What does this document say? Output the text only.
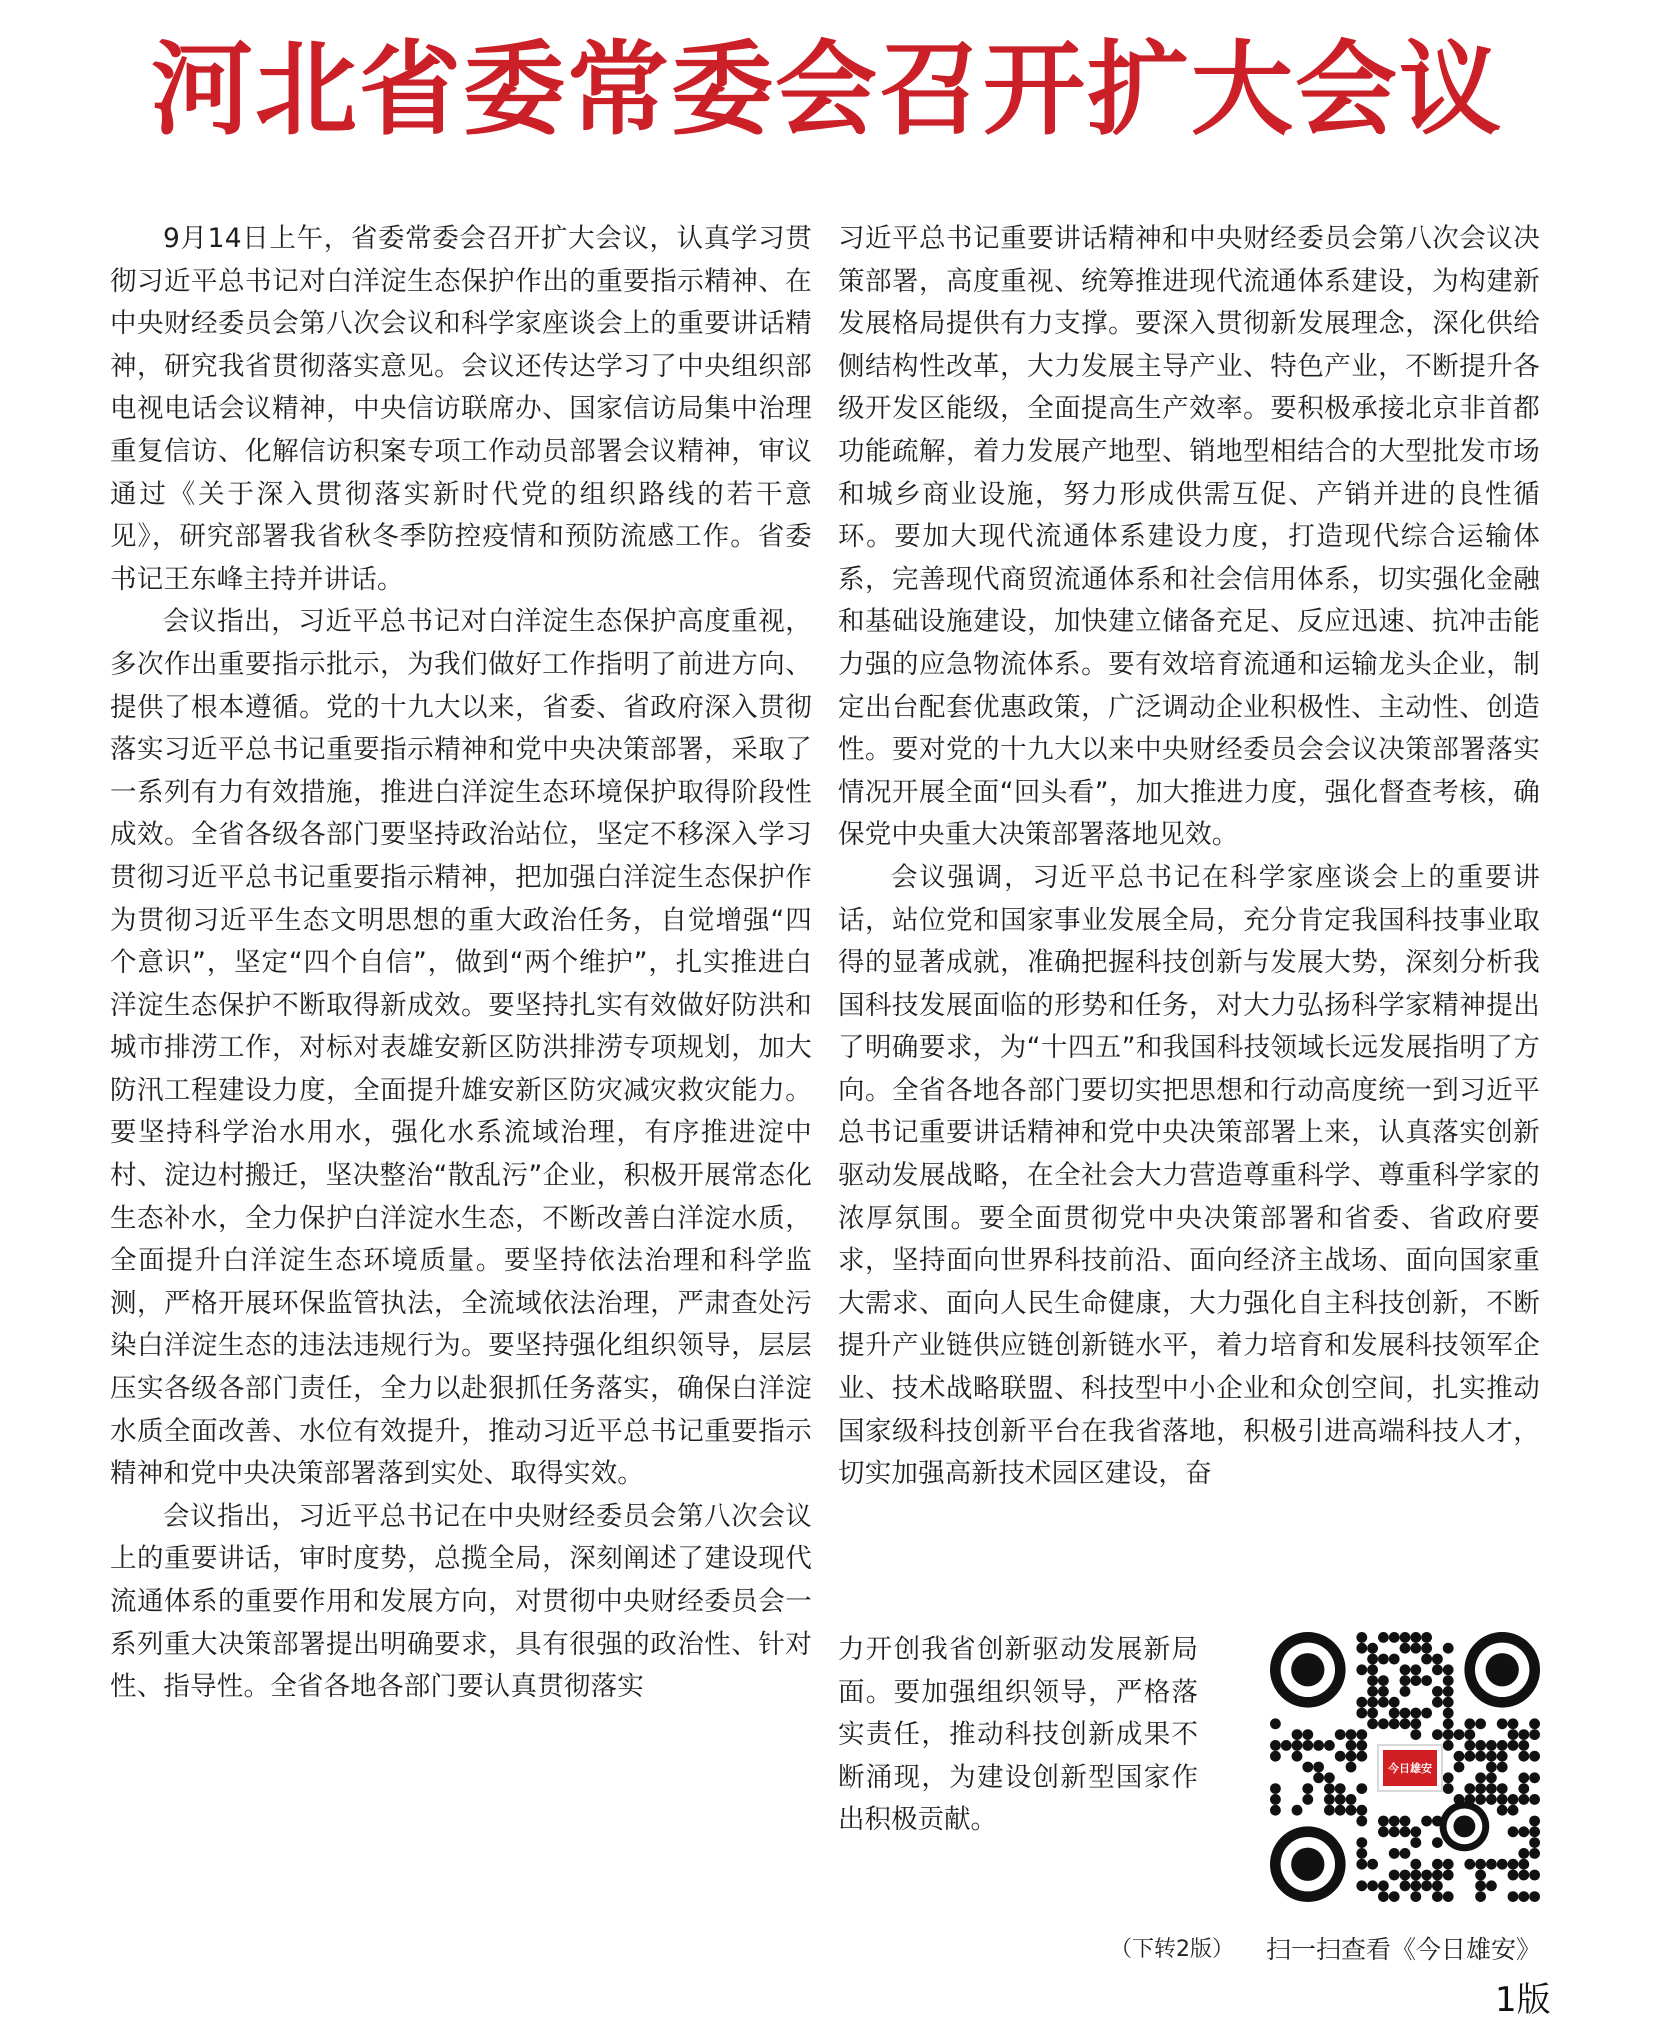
河北省委常委会召开扩大会议

9月14日上午，省委常委会召开扩大会议，认真学习贯彻习近平总书记对白洋淀生态保护作出的重要指示精神、在中央财经委员会第八次会议和科学家座谈会上的重要讲话精神，研究我省贯彻落实意见。会议还传达学习了中央组织部电视电话会议精神，中央信访联席办、国家信访局集中治理重复信访、化解信访积案专项工作动员部署会议精神，审议通过《关于深入贯彻落实新时代党的组织路线的若干意见》，研究部署我省秋冬季防控疫情和预防流感工作。省委书记王东峰主持并讲话。

会议指出，习近平总书记对白洋淀生态保护高度重视，多次作出重要指示批示，为我们做好工作指明了前进方向、提供了根本遵循。党的十九大以来，省委、省政府深入贯彻落实习近平总书记重要指示精神和党中央决策部署，采取了一系列有力有效措施，推进白洋淀生态环境保护取得阶段性成效。全省各级各部门要坚持政治站位，坚定不移深入学习贯彻习近平总书记重要指示精神，把加强白洋淀生态保护作为贯彻习近平生态文明思想的重大政治任务，自觉增强“四个意识”，坚定“四个自信”，做到“两个维护”，扎实推进白洋淀生态保护不断取得新成效。要坚持扎实有效做好防洪和城市排涝工作，对标对表雄安新区防洪排涝专项规划，加大防汛工程建设力度，全面提升雄安新区防灾减灾救灾能力。要坚持科学治水用水，强化水系流域治理，有序推进淀中村、淀边村搬迁，坚决整治“散乱污”企业，积极开展常态化生态补水，全力保护白洋淀水生态，不断改善白洋淀水质，全面提升白洋淀生态环境质量。要坚持依法治理和科学监测，严格开展环保监管执法，全流域依法治理，严肃查处污染白洋淀生态的违法违规行为。要坚持强化组织领导，层层压实各级各部门责任，全力以赴狠抓任务落实，确保白洋淀水质全面改善、水位有效提升，推动习近平总书记重要指示精神和党中央决策部署落到实处、取得实效。

会议指出，习近平总书记在中央财经委员会第八次会议上的重要讲话，审时度势，总揽全局，深刻阐述了建设现代流通体系的重要作用和发展方向，对贯彻中央财经委员会一系列重大决策部署提出明确要求，具有很强的政治性、针对性、指导性。全省各地各部门要认真贯彻落实

习近平总书记重要讲话精神和中央财经委员会第八次会议决策部署，高度重视、统筹推进现代流通体系建设，为构建新发展格局提供有力支撑。要深入贯彻新发展理念，深化供给侧结构性改革，大力发展主导产业、特色产业，不断提升各级开发区能级，全面提高生产效率。要积极承接北京非首都功能疏解，着力发展产地型、销地型相结合的大型批发市场和城乡商业设施，努力形成供需互促、产销并进的良性循环。要加大现代流通体系建设力度，打造现代综合运输体系，完善现代商贸流通体系和社会信用体系，切实强化金融和基础设施建设，加快建立储备充足、反应迅速、抗冲击能力强的应急物流体系。要有效培育流通和运输龙头企业，制定出台配套优惠政策，广泛调动企业积极性、主动性、创造性。要对党的十九大以来中央财经委员会会议决策部署落实情况开展全面“回头看”，加大推进力度，强化督查考核，确保党中央重大决策部署落地见效。

会议强调，习近平总书记在科学家座谈会上的重要讲话，站位党和国家事业发展全局，充分肯定我国科技事业取得的显著成就，准确把握科技创新与发展大势，深刻分析我国科技发展面临的形势和任务，对大力弘扬科学家精神提出了明确要求，为“十四五”和我国科技领域长远发展指明了方向。全省各地各部门要切实把思想和行动高度统一到习近平总书记重要讲话精神和党中央决策部署上来，认真落实创新驱动发展战略，在全社会大力营造尊重科学、尊重科学家的浓厚氛围。要全面贯彻党中央决策部署和省委、省政府要求，坚持面向世界科技前沿、面向经济主战场、面向国家重大需求、面向人民生命健康，大力强化自主科技创新，不断提升产业链供应链创新链水平，着力培育和发展科技领军企业、技术战略联盟、科技型中小企业和众创空间，扎实推动国家级科技创新平台在我省落地，积极引进高端科技人才，切实加强高新技术园区建设，奋

力开创我省创新驱动发展新局面。要加强组织领导，严格落实责任，推动科技创新成果不断涌现，为建设创新型国家作出积极贡献。

今日雄安
（下转2版） 扫一扫查看《今日雄安》
1版
